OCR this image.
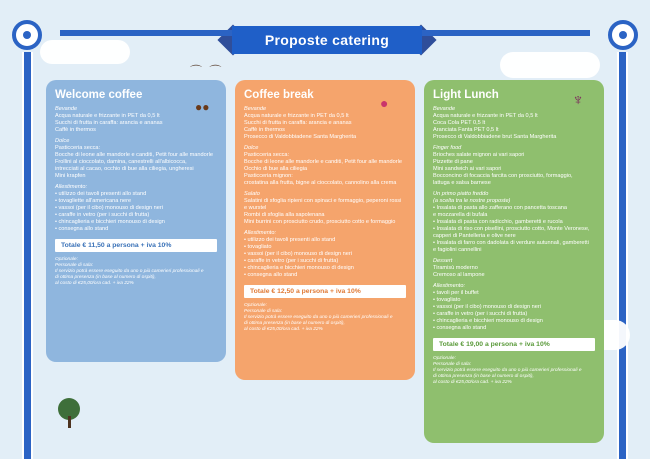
Proposte catering
⌒ ⌒
Welcome coffee
Bevande
Acqua naturale e frizzante in PET da 0,5 lt
Succhi di frutta in caraffa: arancia e ananas
Caffè in thermos
Dolce
Pasticceria secca:
Bocche di leone alle mandorle e canditi, Petit four alle mandorle
Frollini al cioccolato, damina, canestrelli all'albicocca,
intrecciati al cacao, occhio di bue alla ciliegia, ungheresi
Mini krapfen
Allestimento:
• utilizzo dei tavoli presenti allo stand
• tovagliette all'americana nere
• vassoi (per il cibo) monouso di design neri
• caraffe in vetro (per i succhi di frutta)
• chincaglieria e bicchieri monouso di design
• consegna allo stand
Totale € 11,50 a persona + iva 10%
Opzionale:
Personale di sala:
Il servizio potrà essere eseguito da uno o più camerieri professionali e
di ottima presenza (in base al numero di ospiti),
al costo di €25,00/ora cad. + iva 22%
●●
Coffee break
Bevande
Acqua naturale e frizzante in PET da 0,5 lt
Succhi di frutta in caraffa: arancia e ananas
Caffè in thermos
Prosecco di Valdobbiadene Santa Margherita
Dolce
Pasticceria secca:
Bocche di leone alle mandorle e canditi, Petit four alle mandorle
Occhio di bue alla ciliegia
Pasticceria mignon:
crostatina alla frutta, bigne al cioccolato, cannolino alla crema
Salato
Salatini di sfoglia ripieni con spinaci e formaggio, peperoni rossi
e wurstel
Rombi di sfoglia alla sapolenana
Mini burrini con prosciutto crudo, prosciutto cotto e formaggio
Allestimento:
• utilizzo dei tavoli presenti allo stand
• tovagliato
• vassoi (per il cibo) monouso di design neri
• caraffe in vetro (per i succhi di frutta)
• chincaglieria e bicchieri monouso di design
• consegna allo stand
Totale € 12,50 a persona + iva 10%
Opzionale:
Personale di sala:
Il servizio potrà essere eseguito da uno o più camerieri professionali e
di ottima presenza (in base al numero di ospiti),
al costo di €25,00/ora cad. + iva 22%
●	Light Lunch
Bevande
Acqua naturale e frizzante in PET da 0,5 lt
Coca Cola PET 0,5 lt
Aranciata Fanta PET 0,5 lt
Prosecco di Valdobbiadene brut Santa Margherita
Finger food
Brioches salate mignon ai vari sapori
Pizzette di pane
Mini sandwich ai vari sapori
Bocconcino di focaccia farcita con prosciutto, formaggio,
lattuga e salsa barnese
Un primo piatto freddo
(a scelta tra le nostre proposte)
• Insalata di pasta allo zafferano con pancetta toscana
e mozzarella di bufala
• Insalata di pasta con radicchio, gamberetti e rucola
• Insalata di riso con pisellini, prosciutto cotto, Monte Veronese,
capperi di Pantelleria e olive nere
• Insalata di farro con dadolata di verdure autunnali, gamberetti
e fagiolini cannellini
Dessert
Tiramisù moderno
Cremoso al lampone
Allestimento:
• tavoli per il buffet
• tovagliato
• vassoi (per il cibo) monouso di design neri
• caraffe in vetro (per i succhi di frutta)
• chincaglieria e bicchieri monouso di design
• consegna allo stand
Totale € 19,00 a persona + iva 10%
Opzionale:
Personale di sala:
Il servizio potrà essere eseguito da uno o più camerieri professionali e
di ottima presenza (in base al numero di ospiti),
al costo di €25,00/ora cad. + iva 22%
♆
